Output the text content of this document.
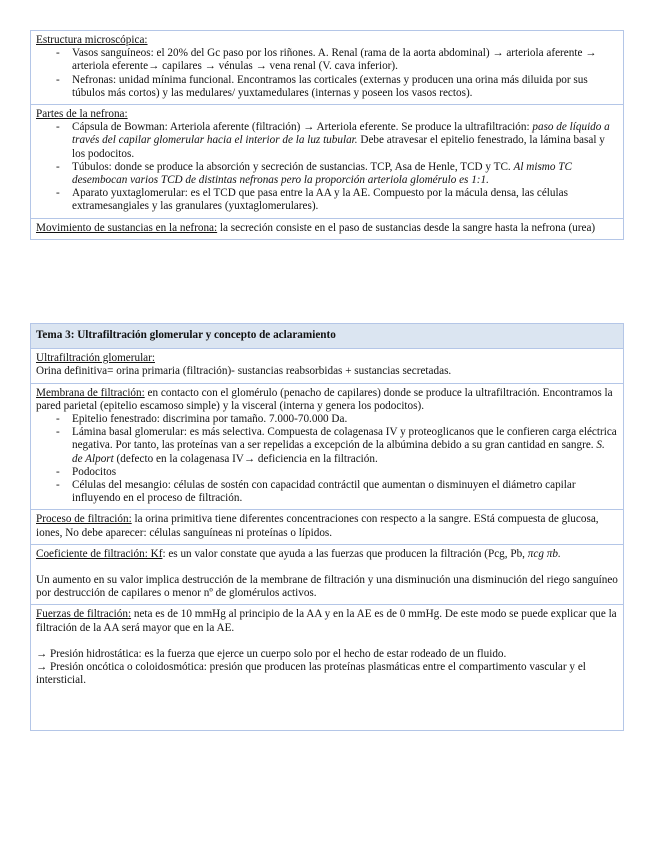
Estructura microscópica:
- Vasos sanguíneos: el 20% del Gc paso por los riñones. A. Renal (rama de la aorta abdominal) → arteriola aferente → arteriola eferente→ capilares → vénulas → vena renal (V. cava inferior).
- Nefronas: unidad mínima funcional. Encontramos las corticales (externas y producen una orina más diluida por sus túbulos más cortos) y las medulares/ yuxtamedulares (internas y poseen los vasos rectos).
Partes de la nefrona:
- Cápsula de Bowman: Arteriola aferente (filtración) → Arteriola eferente. Se produce la ultrafiltración: paso de líquido a través del capilar glomerular hacia el interior de la luz tubular. Debe atravesar el epitelio fenestrado, la lámina basal y los podocitos.
- Túbulos: donde se produce la absorción y secreción de sustancias. TCP, Asa de Henle, TCD y TC. Al mismo TC desembocan varios TCD de distintas nefronas pero la proporción arteriola glomérulo es 1:1.
- Aparato yuxtaglomerular: es el TCD que pasa entre la AA y la AE. Compuesto por la mácula densa, las células extramesangiales y las granulares (yuxtaglomerulares).
Movimiento de sustancias en la nefrona: la secreción consiste en el paso de sustancias desde la sangre hasta la nefrona (urea)
Tema 3: Ultrafiltración glomerular y concepto de aclaramiento
Ultrafiltración glomerular:
Orina definitiva= orina primaria (filtración)- sustancias reabsorbidas + sustancias secretadas.
Membrana de filtración: en contacto con el glomérulo (penacho de capilares) donde se produce la ultrafiltración. Encontramos la pared parietal (epitelio escamoso simple) y la visceral (interna y genera los podocitos).
- Epitelio fenestrado: discrimina por tamaño. 7.000-70.000 Da.
- Lámina basal glomerular: es más selectiva. Compuesta de colagenasa IV y proteoglicanos que le confieren carga eléctrica negativa. Por tanto, las proteínas van a ser repelidas a excepción de la albúmina debido a su gran cantidad en sangre. S. de Alport (defecto en la colagenasa IV→ deficiencia en la filtración.
- Podocitos
- Células del mesangio: células de sostén con capacidad contráctil que aumentan o disminuyen el diámetro capilar influyendo en el proceso de filtración.
Proceso de filtración: la orina primitiva tiene diferentes concentraciones con respecto a la sangre. EStá compuesta de glucosa, iones, No debe aparecer: células sanguíneas ni proteínas o lípidos.
Coeficiente de filtración: Kf: es un valor constate que ayuda a las fuerzas que producen la filtración (Pcg, Pb, πcg πb.
Un aumento en su valor implica destrucción de la membrane de filtración y una disminución una disminución del riego sanguíneo por destrucción de capilares o menor nº de glomérulos activos.
Fuerzas de filtración: neta es de 10 mmHg al principio de la AA y en la AE es de 0 mmHg. De este modo se puede explicar que la filtración de la AA será mayor que en la AE.
→ Presión hidrostática: es la fuerza que ejerce un cuerpo solo por el hecho de estar rodeado de un fluido.
→ Presión oncótica o coloidosmótica: presión que producen las proteínas plasmáticas entre el compartimento vascular y el intersticial.
